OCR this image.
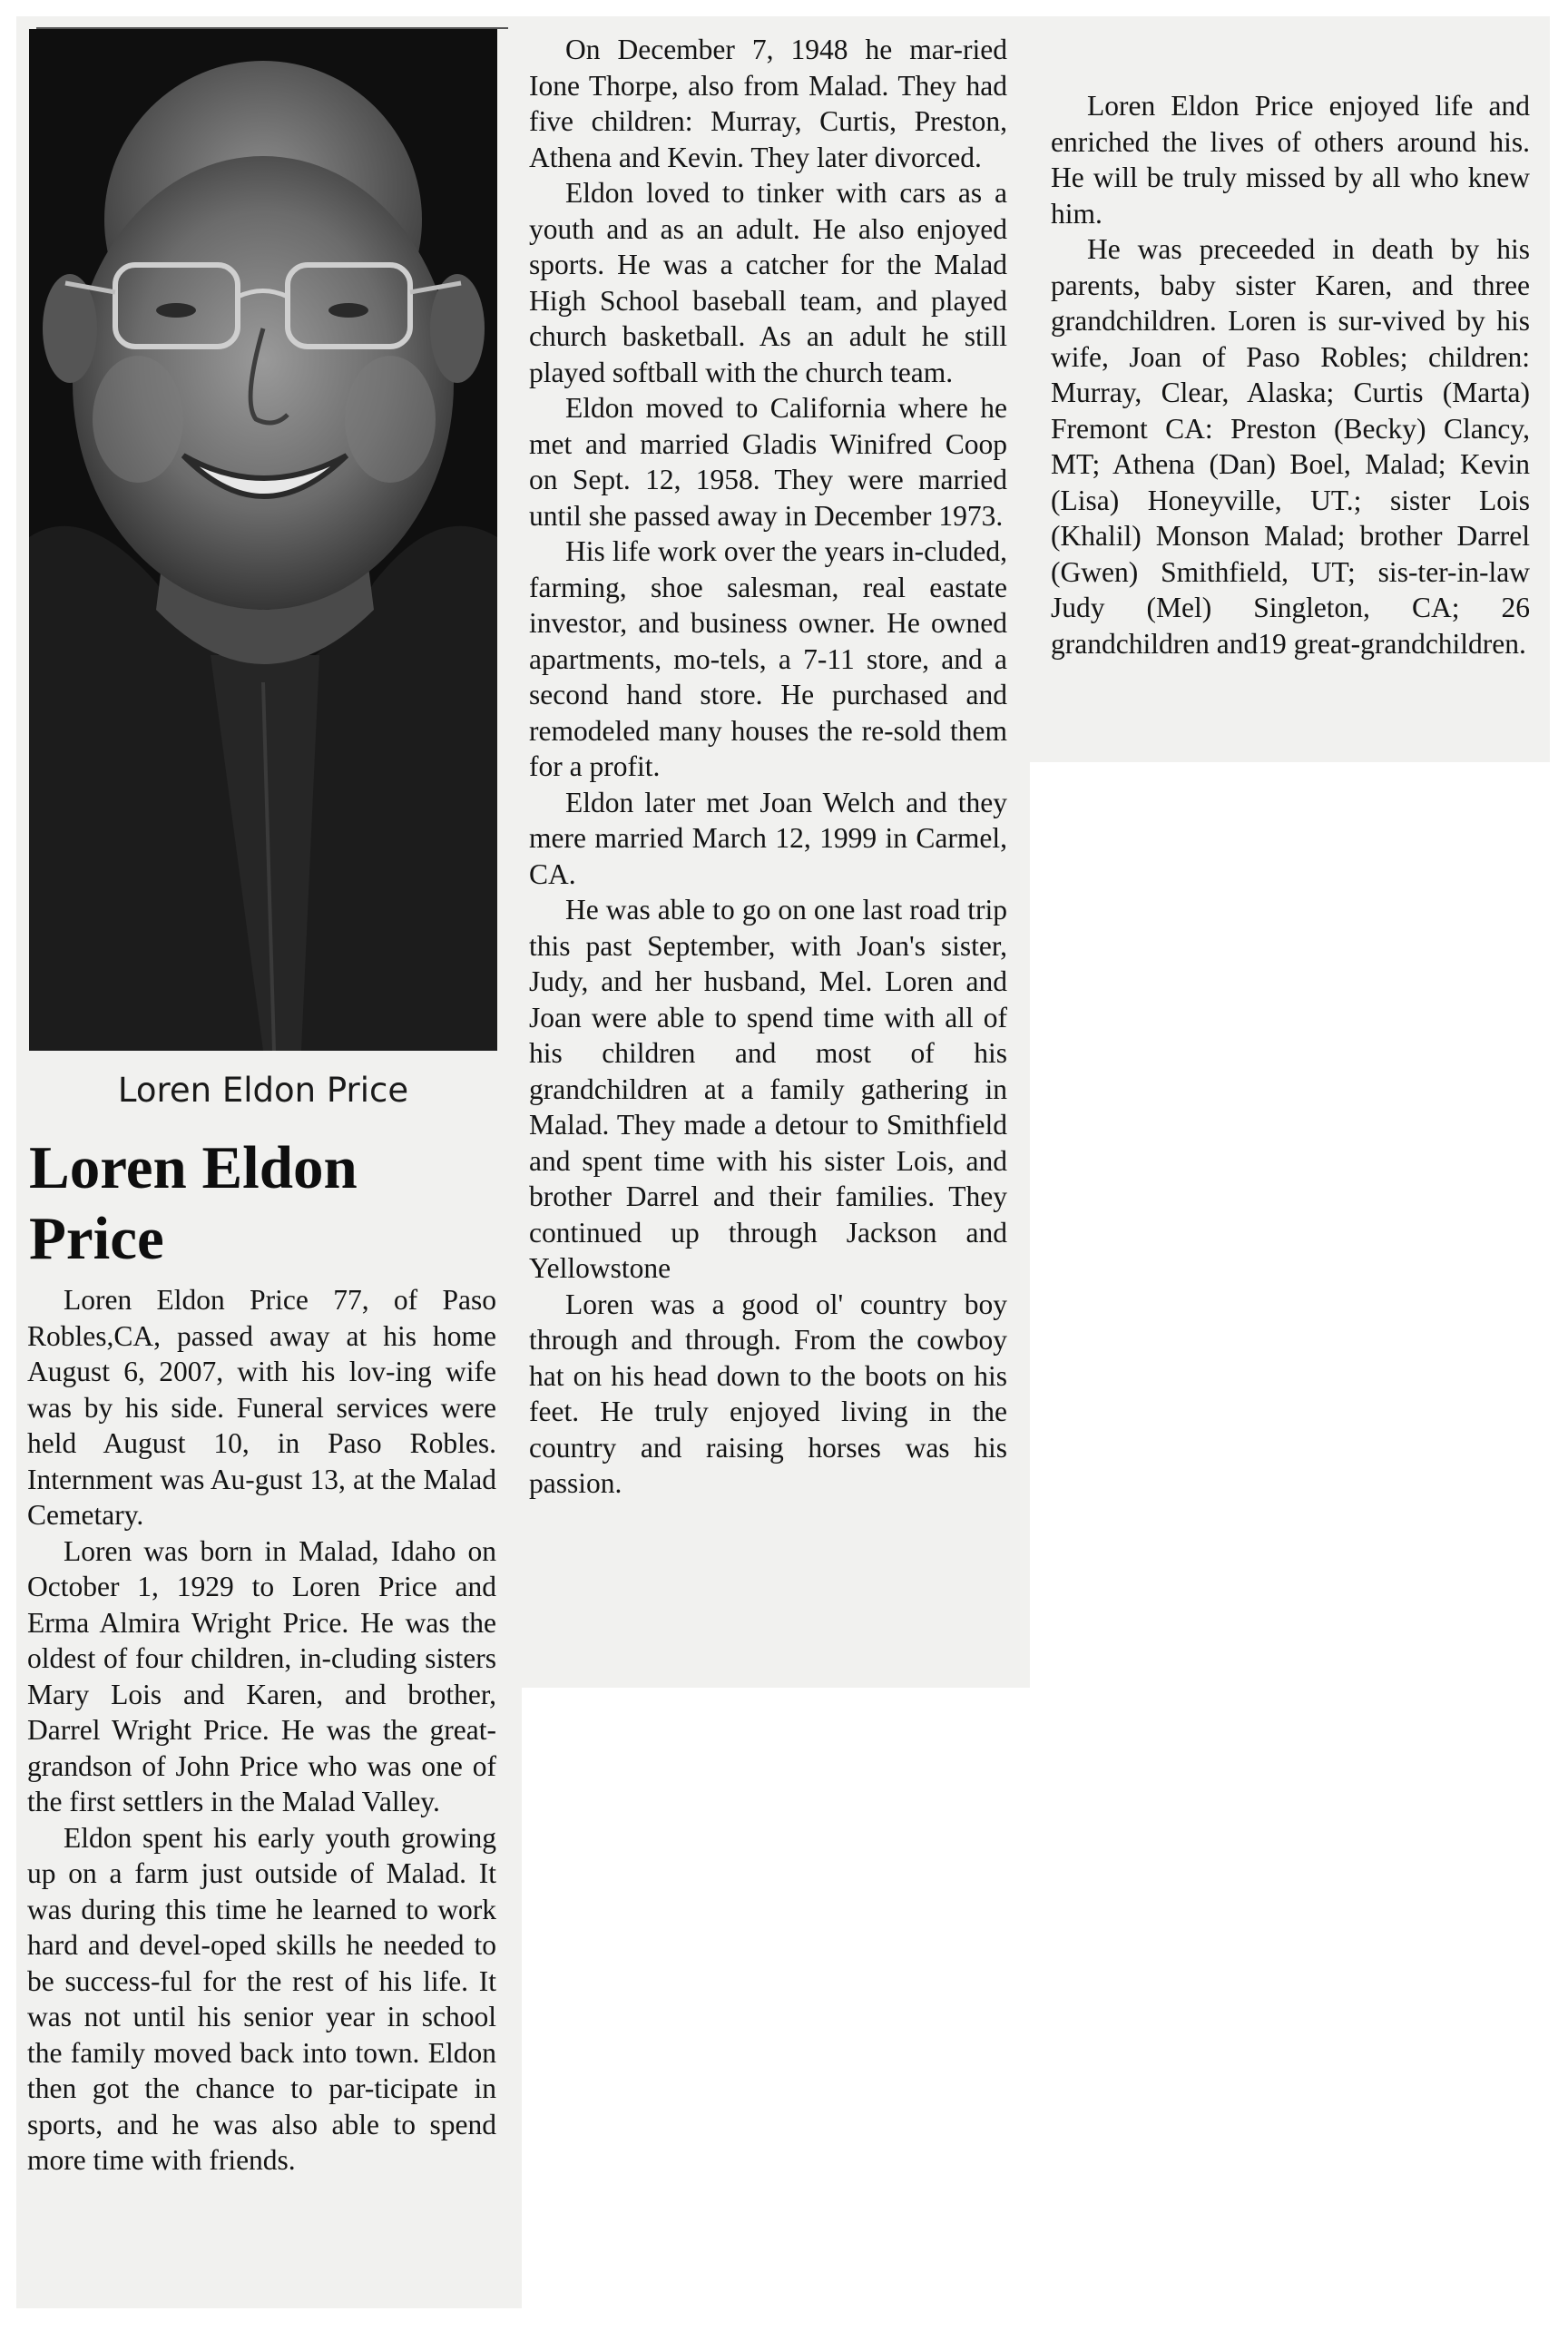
Loren Eldon Price
Loren Eldon
Price

Loren Eldon Price 77, of Paso Robles,CA, passed away at his home August 6, 2007, with his lov-ing wife was by his side. Funeral services were held August 10, in Paso Robles. Internment was Au-gust 13, at the Malad Cemetary.

Loren was born in Malad, Idaho on October 1, 1929 to Loren Price and Erma Almira Wright Price. He was the oldest of four children, in-cluding sisters Mary Lois and Karen, and brother, Darrel Wright Price. He was the great-grandson of John Price who was one of the first settlers in the Malad Valley.

Eldon spent his early youth growing up on a farm just outside of Malad. It was during this time he learned to work hard and devel-oped skills he needed to be success-ful for the rest of his life. It was not until his senior year in school the family moved back into town. Eldon then got the chance to par-ticipate in sports, and he was also able to spend more time with friends.

On December 7, 1948 he mar-ried Ione Thorpe, also from Malad. They had five children: Murray, Curtis, Preston, Athena and Kevin. They later divorced.

Eldon loved to tinker with cars as a youth and as an adult. He also enjoyed sports. He was a catcher for the Malad High School baseball team, and played church basketball. As an adult he still played softball with the church team.

Eldon moved to California where he met and married Gladis Winifred Coop on Sept. 12, 1958. They were married until she passed away in December 1973.

His life work over the years in-cluded, farming, shoe salesman, real eastate investor, and business owner. He owned apartments, mo-tels, a 7-11 store, and a second hand store. He purchased and remodeled many houses the re-sold them for a profit.

Eldon later met Joan Welch and they mere married March 12, 1999 in Carmel, CA.

He was able to go on one last road trip this past September, with Joan's sister, Judy, and her husband, Mel. Loren and Joan were able to spend time with all of his children and most of his grandchildren at a family gathering in Malad. They made a detour to Smithfield and spent time with his sister Lois, and brother Darrel and their families. They continued up through Jackson and Yellowstone

Loren was a good ol' country boy through and through. From the cowboy hat on his head down to the boots on his feet. He truly enjoyed living in the country and raising horses was his passion.

Loren Eldon Price enjoyed life and enriched the lives of others around his. He will be truly missed by all who knew him.

He was preceeded in death by his parents, baby sister Karen, and three grandchildren. Loren is sur-vived by his wife, Joan of Paso Robles; children: Murray, Clear, Alaska; Curtis (Marta) Fremont CA: Preston (Becky) Clancy, MT; Athena (Dan) Boel, Malad; Kevin (Lisa) Honeyville, UT.; sister Lois (Khalil) Monson Malad; brother Darrel (Gwen) Smithfield, UT; sis-ter-in-law Judy (Mel) Singleton, CA; 26 grandchildren and19 great-grandchildren.
